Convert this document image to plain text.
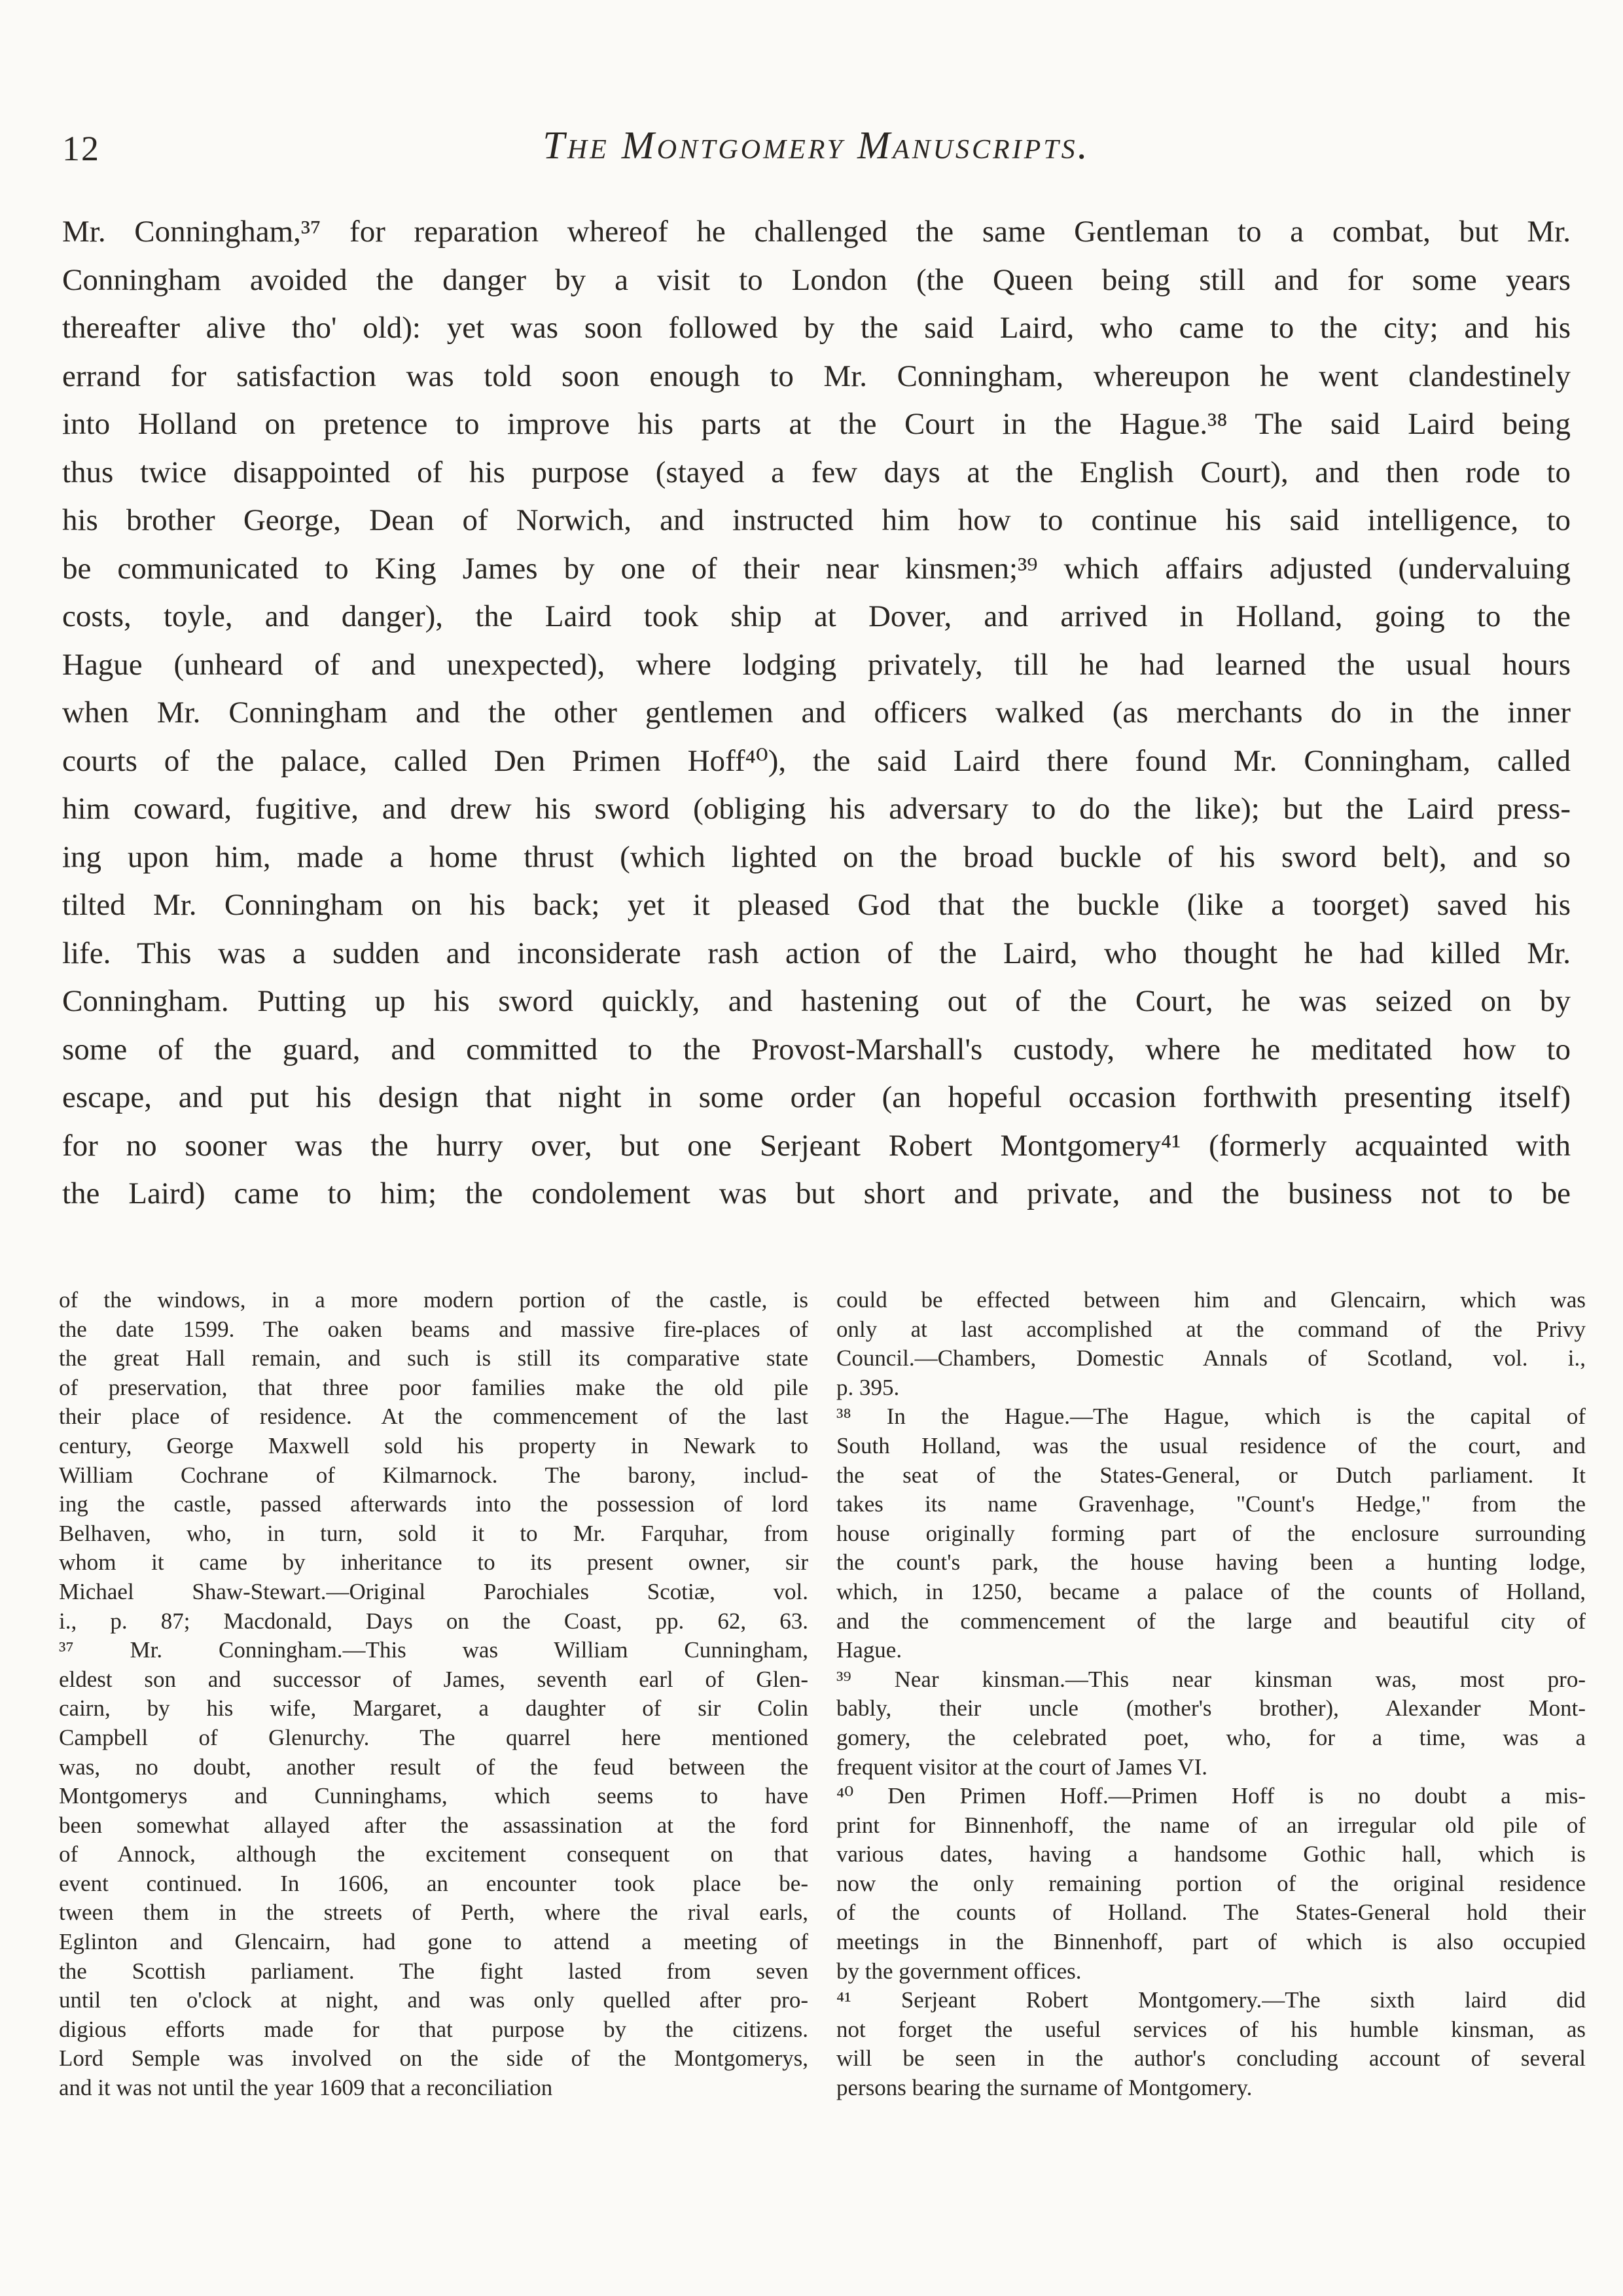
12	The Montgomery Manuscripts.
Mr. Conningham,³⁷ for reparation whereof he challenged the same Gentleman to a combat, but Mr.
Conningham avoided the danger by a visit to London (the Queen being still and for some years
thereafter alive tho' old): yet was soon followed by the said Laird, who came to the city; and his
errand for satisfaction was told soon enough to Mr. Conningham, whereupon he went clandestinely
into Holland on pretence to improve his parts at the Court in the Hague.³⁸ The said Laird being
thus twice disappointed of his purpose (stayed a few days at the English Court), and then rode to
his brother George, Dean of Norwich, and instructed him how to continue his said intelligence, to
be communicated to King James by one of their near kinsmen;³⁹ which affairs adjusted (undervaluing
costs, toyle, and danger), the Laird took ship at Dover, and arrived in Holland, going to the
Hague (unheard of and unexpected), where lodging privately, till he had learned the usual hours
when Mr. Conningham and the other gentlemen and officers walked (as merchants do in the inner
courts of the palace, called Den Primen Hoff⁴⁰), the said Laird there found Mr. Conningham, called
him coward, fugitive, and drew his sword (obliging his adversary to do the like); but the Laird press-
ing upon him, made a home thrust (which lighted on the broad buckle of his sword belt), and so
tilted Mr. Conningham on his back; yet it pleased God that the buckle (like a toorget) saved his
life. This was a sudden and inconsiderate rash action of the Laird, who thought he had killed Mr.
Conningham. Putting up his sword quickly, and hastening out of the Court, he was seized on by
some of the guard, and committed to the Provost-Marshall's custody, where he meditated how to
escape, and put his design that night in some order (an hopeful occasion forthwith presenting itself)
for no sooner was the hurry over, but one Serjeant Robert Montgomery⁴¹ (formerly acquainted with
the Laird) came to him; the condolement was but short and private, and the business not to be
of the windows, in a more modern portion of the castle, is
the date 1599. The oaken beams and massive fire-places of
the great Hall remain, and such is still its comparative state
of preservation, that three poor families make the old pile
their place of residence. At the commencement of the last
century, George Maxwell sold his property in Newark to
William Cochrane of Kilmarnock. The barony, includ-
ing the castle, passed afterwards into the possession of lord
Belhaven, who, in turn, sold it to Mr. Farquhar, from
whom it came by inheritance to its present owner, sir
Michael Shaw-Stewart.—Original Parochiales Scotiæ, vol.
i., p. 87; Macdonald, Days on the Coast, pp. 62, 63.
³⁷ Mr. Conningham.—This was William Cunningham,
eldest son and successor of James, seventh earl of Glen-
cairn, by his wife, Margaret, a daughter of sir Colin
Campbell of Glenurchy. The quarrel here mentioned
was, no doubt, another result of the feud between the
Montgomerys and Cunninghams, which seems to have
been somewhat allayed after the assassination at the ford
of Annock, although the excitement consequent on that
event continued. In 1606, an encounter took place be-
tween them in the streets of Perth, where the rival earls,
Eglinton and Glencairn, had gone to attend a meeting of
the Scottish parliament. The fight lasted from seven
until ten o'clock at night, and was only quelled after pro-
digious efforts made for that purpose by the citizens.
Lord Semple was involved on the side of the Montgomerys,
and it was not until the year 1609 that a reconciliation
could be effected between him and Glencairn, which was
only at last accomplished at the command of the Privy
Council.—Chambers, Domestic Annals of Scotland, vol. i.,
p. 395.
³⁸ In the Hague.—The Hague, which is the capital of
South Holland, was the usual residence of the court, and
the seat of the States-General, or Dutch parliament. It
takes its name Gravenhage, "Count's Hedge," from the
house originally forming part of the enclosure surrounding
the count's park, the house having been a hunting lodge,
which, in 1250, became a palace of the counts of Holland,
and the commencement of the large and beautiful city of
Hague.
³⁹ Near kinsman.—This near kinsman was, most pro-
bably, their uncle (mother's brother), Alexander Mont-
gomery, the celebrated poet, who, for a time, was a
frequent visitor at the court of James VI.
⁴⁰ Den Primen Hoff.—Primen Hoff is no doubt a mis-
print for Binnenhoff, the name of an irregular old pile of
various dates, having a handsome Gothic hall, which is
now the only remaining portion of the original residence
of the counts of Holland. The States-General hold their
meetings in the Binnenhoff, part of which is also occupied
by the government offices.
⁴¹ Serjeant Robert Montgomery.—The sixth laird did
not forget the useful services of his humble kinsman, as
will be seen in the author's concluding account of several
persons bearing the surname of Montgomery.
